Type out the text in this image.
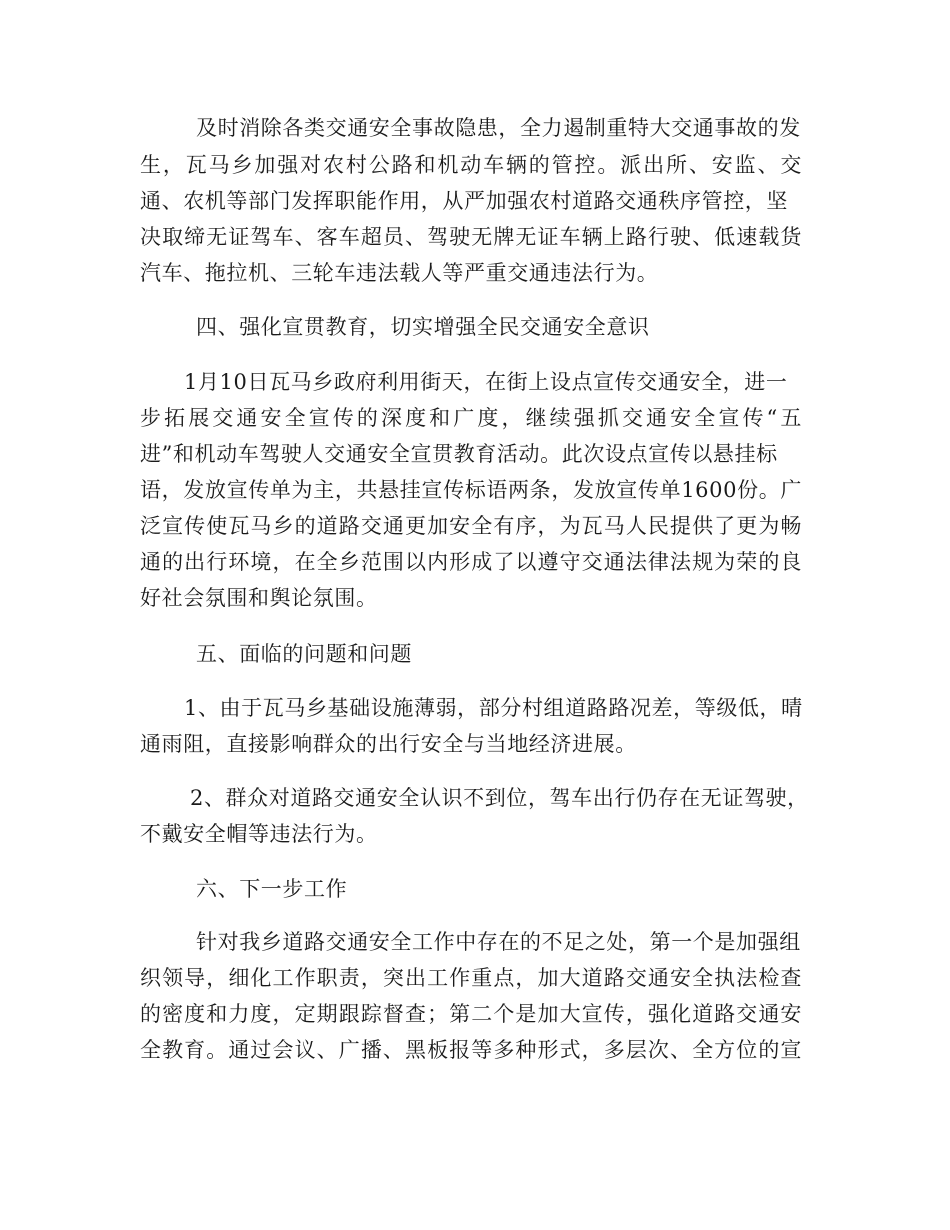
及时消除各类交通安全事故隐患，全力遏制重特大交通事故的发
生，瓦马乡加强对农村公路和机动车辆的管控。派出所、安监、交
通、农机等部门发挥职能作用，从严加强农村道路交通秩序管控，坚
决取缔无证驾车、客车超员、驾驶无牌无证车辆上路行驶、低速载货
汽车、拖拉机、三轮车违法载人等严重交通违法行为。
四、强化宣贯教育，切实增强全民交通安全意识
1月10日瓦马乡政府利用街天，在街上设点宣传交通安全，进一
步拓展交通安全宣传的深度和广度，继续强抓交通安全宣传“五
进”和机动车驾驶人交通安全宣贯教育活动。此次设点宣传以悬挂标
语，发放宣传单为主，共悬挂宣传标语两条，发放宣传单1600份。广
泛宣传使瓦马乡的道路交通更加安全有序，为瓦马人民提供了更为畅
通的出行环境，在全乡范围以内形成了以遵守交通法律法规为荣的良
好社会氛围和舆论氛围。
五、面临的问题和问题
1、由于瓦马乡基础设施薄弱，部分村组道路路况差，等级低，晴
通雨阻，直接影响群众的出行安全与当地经济进展。
2、群众对道路交通安全认识不到位，驾车出行仍存在无证驾驶，
不戴安全帽等违法行为。
六、下一步工作
针对我乡道路交通安全工作中存在的不足之处，第一个是加强组
织领导，细化工作职责，突出工作重点，加大道路交通安全执法检查
的密度和力度，定期跟踪督查；第二个是加大宣传，强化道路交通安
全教育。通过会议、广播、黑板报等多种形式，多层次、全方位的宣
